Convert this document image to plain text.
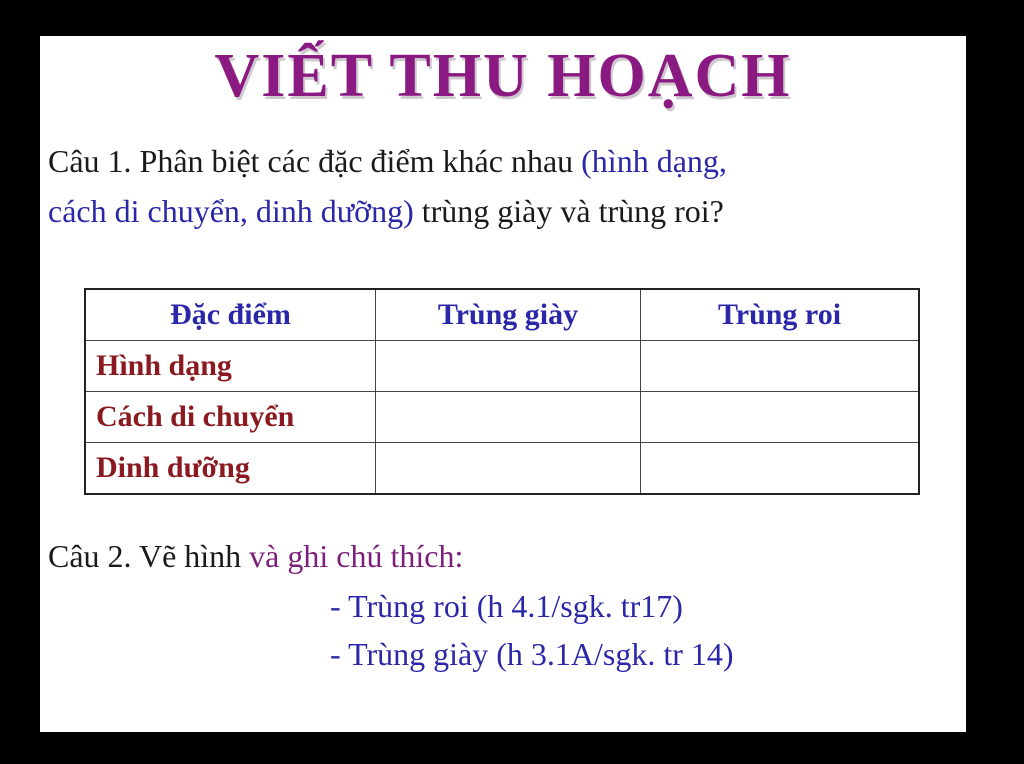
VIẾT THU HOẠCH
Câu 1. Phân biệt các đặc điểm khác nhau (hình dạng,
cách di chuyển, dinh dưỡng) trùng giày và trùng roi?
Đặc điểm	Trùng giày	Trùng roi
Hình dạng		
Cách di chuyển		
Dinh dưỡng		
Câu 2. Vẽ hình và ghi chú thích:
- Trùng roi (h 4.1/sgk. tr17)
- Trùng giày (h 3.1A/sgk. tr 14)
